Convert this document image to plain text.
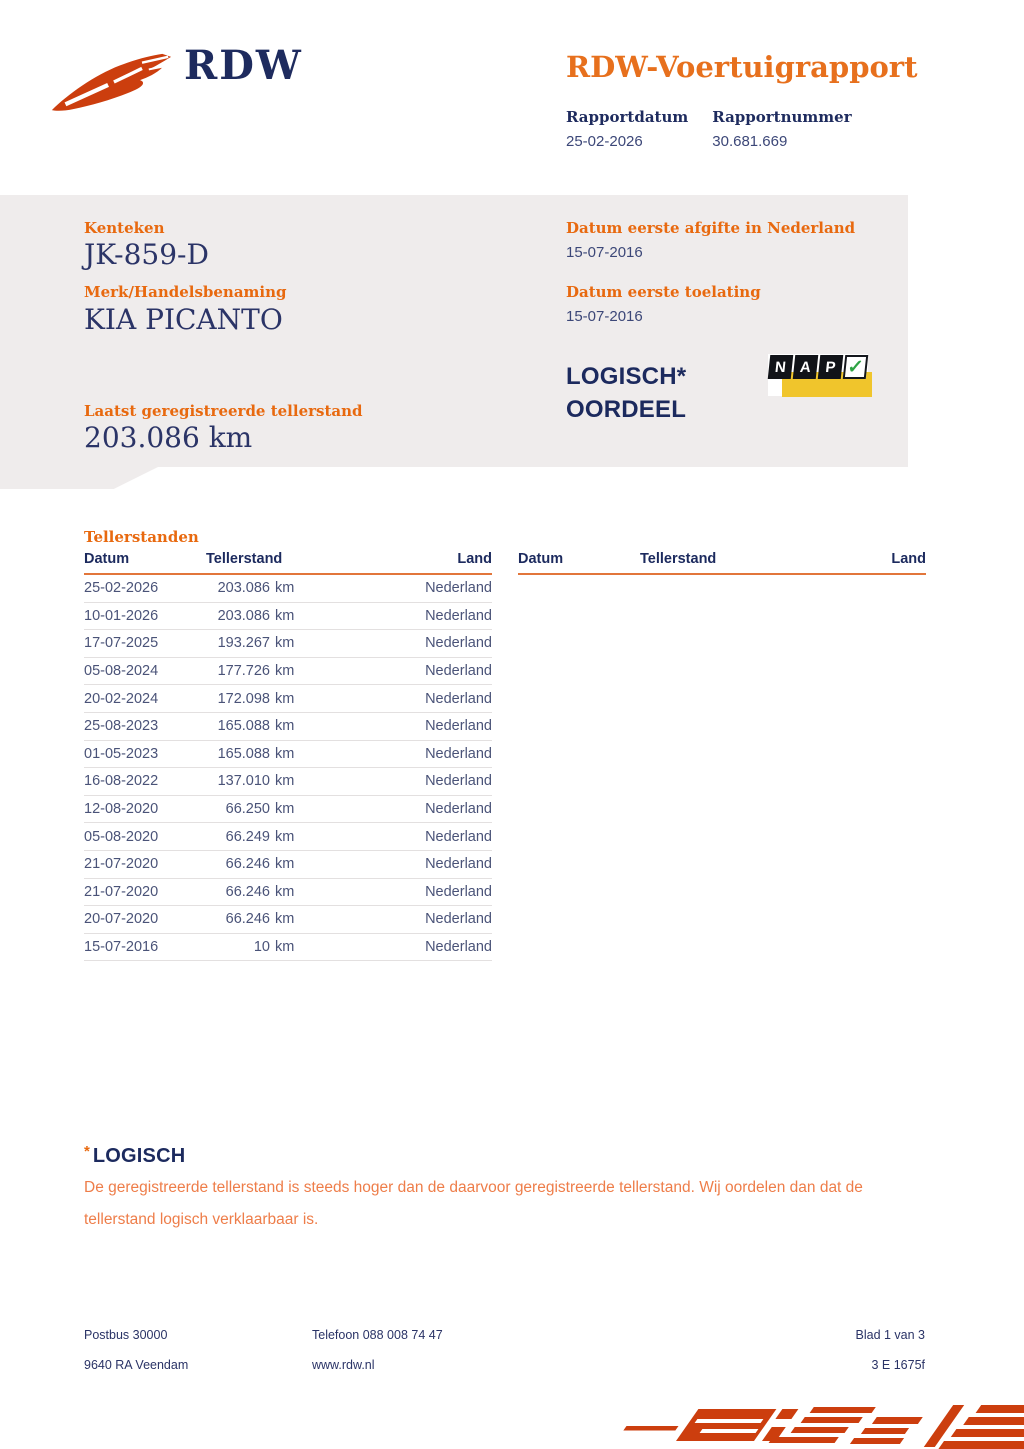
RDW	RDW-Voertuigrapport
Rapportdatum
25-02-2026
Rapportnummer
30.681.669
Kenteken
JK-859-D
Merk/Handelsbenaming
KIA PICANTO
Datum eerste afgifte in Nederland
15-07-2016
Datum eerste toelating
15-07-2016
LOGISCH*
OORDEEL
N A P ✓
Laatst geregistreerde tellerstand
203.086 km
Tellerstanden
Datum	Tellerstand	Land
25-02-2026	203.086 km	Nederland
10-01-2026	203.086 km	Nederland
17-07-2025	193.267 km	Nederland
05-08-2024	177.726 km	Nederland
20-02-2024	172.098 km	Nederland
25-08-2023	165.088 km	Nederland
01-05-2023	165.088 km	Nederland
16-08-2022	137.010 km	Nederland
12-08-2020	66.250 km	Nederland
05-08-2020	66.249 km	Nederland
21-07-2020	66.246 km	Nederland
21-07-2020	66.246 km	Nederland
20-07-2020	66.246 km	Nederland
15-07-2016	10 km	Nederland
Datum	Tellerstand	Land
* LOGISCH
De geregistreerde tellerstand is steeds hoger dan de daarvoor geregistreerde tellerstand. Wij oordelen dan dat de tellerstand logisch verklaarbaar is.
Postbus 30000
9640 RA Veendam
Telefoon 088 008 74 47
www.rdw.nl
Blad 1 van 3
3 E 1675f
